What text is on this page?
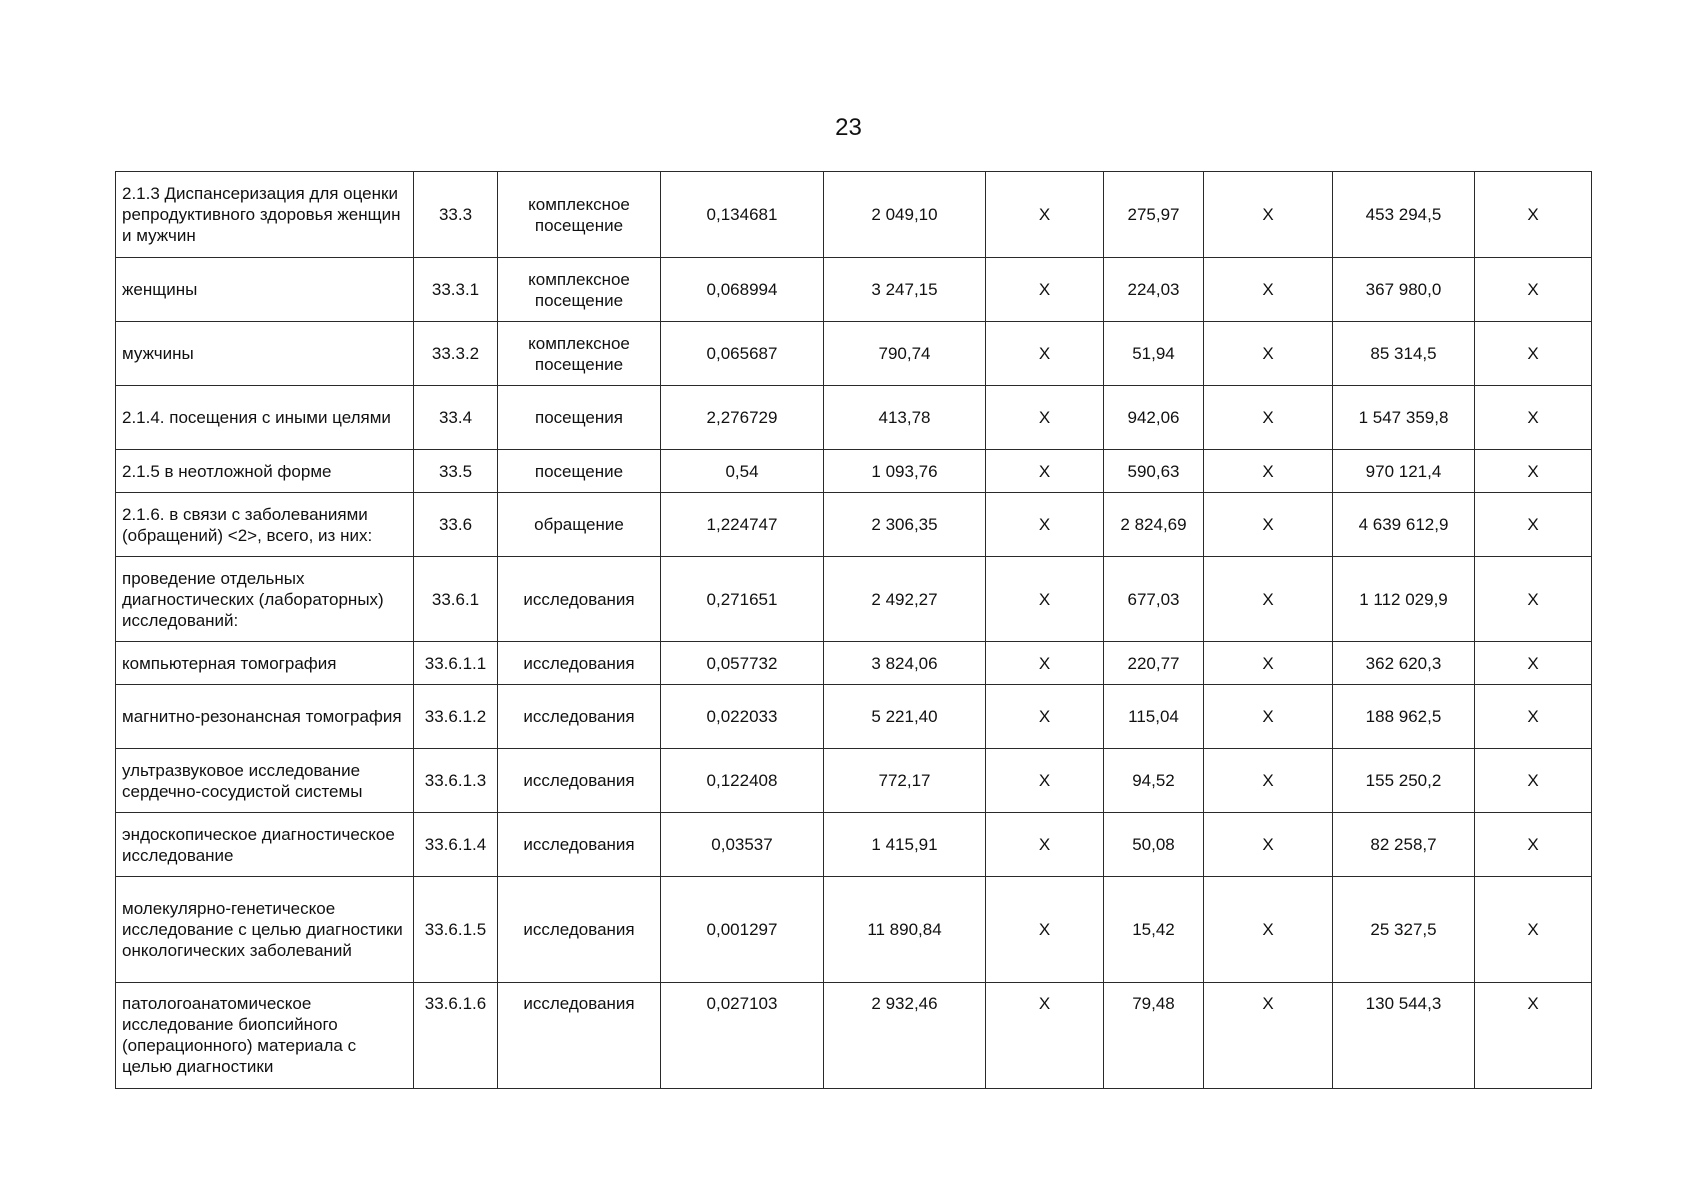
23
2.1.3 Диспансеризация для оценки репродуктивного здоровья женщин и мужчин	33.3	комплексное посещение	0,134681	2 049,10	X	275,97	X	453 294,5	X
женщины	33.3.1	комплексное посещение	0,068994	3 247,15	X	224,03	X	367 980,0	X
мужчины	33.3.2	комплексное посещение	0,065687	790,74	X	51,94	X	85 314,5	X
2.1.4. посещения с иными целями	33.4	посещения	2,276729	413,78	X	942,06	X	1 547 359,8	X
2.1.5 в неотложной форме	33.5	посещение	0,54	1 093,76	X	590,63	X	970 121,4	X
2.1.6. в связи с заболеваниями (обращений) <2>, всего, из них:	33.6	обращение	1,224747	2 306,35	X	2 824,69	X	4 639 612,9	X
проведение отдельных диагностических (лабораторных) исследований:	33.6.1	исследования	0,271651	2 492,27	X	677,03	X	1 112 029,9	X
компьютерная томография	33.6.1.1	исследования	0,057732	3 824,06	X	220,77	X	362 620,3	X
магнитно-резонансная томография	33.6.1.2	исследования	0,022033	5 221,40	X	115,04	X	188 962,5	X
ультразвуковое исследование сердечно-сосудистой системы	33.6.1.3	исследования	0,122408	772,17	X	94,52	X	155 250,2	X
эндоскопическое диагностическое исследование	33.6.1.4	исследования	0,03537	1 415,91	X	50,08	X	82 258,7	X
молекулярно-генетическое исследование с целью диагностики онкологических заболеваний	33.6.1.5	исследования	0,001297	11 890,84	X	15,42	X	25 327,5	X
патологоанатомическое исследование биопсийного (операционного) материала с целью диагностики	33.6.1.6	исследования	0,027103	2 932,46	X	79,48	X	130 544,3	X
